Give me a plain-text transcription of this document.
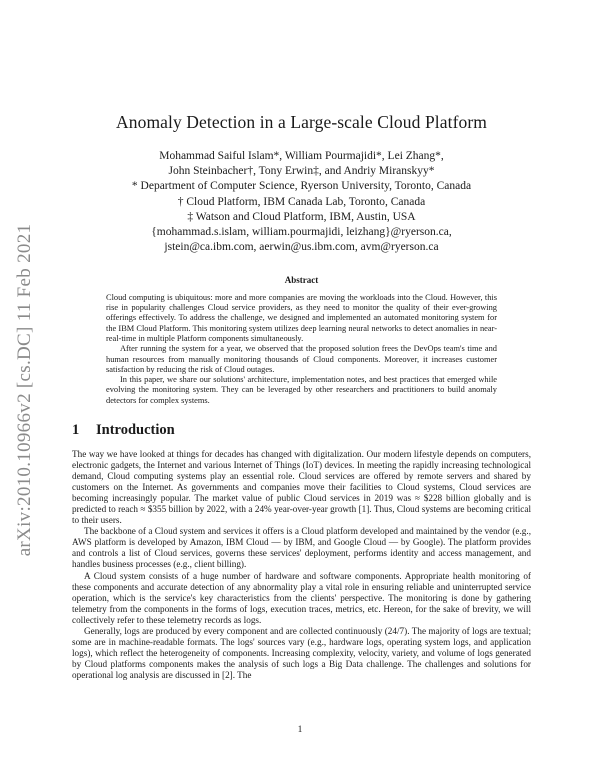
arXiv:2010.10966v2 [cs.DC] 11 Feb 2021
Anomaly Detection in a Large-scale Cloud Platform
Mohammad Saiful Islam*, William Pourmajidi*, Lei Zhang*,
John Steinbacher†, Tony Erwin‡, and Andriy Miranskyy*
* Department of Computer Science, Ryerson University, Toronto, Canada
† Cloud Platform, IBM Canada Lab, Toronto, Canada
‡ Watson and Cloud Platform, IBM, Austin, USA
{mohammad.s.islam, william.pourmajidi, leizhang}@ryerson.ca,
jstein@ca.ibm.com, aerwin@us.ibm.com, avm@ryerson.ca
Abstract

Cloud computing is ubiquitous: more and more companies are moving the workloads into the Cloud. However, this rise in popularity challenges Cloud service providers, as they need to monitor the quality of their ever-growing offerings effectively. To address the challenge, we designed and implemented an automated monitoring system for the IBM Cloud Platform. This monitoring system utilizes deep learning neural networks to detect anomalies in near-real-time in multiple Platform components simultaneously.

After running the system for a year, we observed that the proposed solution frees the DevOps team's time and human resources from manually monitoring thousands of Cloud components. Moreover, it increases customer satisfaction by reducing the risk of Cloud outages.

In this paper, we share our solutions' architecture, implementation notes, and best practices that emerged while evolving the monitoring system. They can be leveraged by other researchers and practitioners to build anomaly detectors for complex systems.

1 Introduction

The way we have looked at things for decades has changed with digitalization. Our modern lifestyle depends on computers, electronic gadgets, the Internet and various Internet of Things (IoT) devices. In meeting the rapidly increasing technological demand, Cloud computing systems play an essential role. Cloud services are offered by remote servers and shared by customers on the Internet. As governments and companies move their facilities to Cloud systems, Cloud services are becoming increasingly popular. The market value of public Cloud services in 2019 was ≈ $228 billion globally and is predicted to reach ≈ $355 billion by 2022, with a 24% year-over-year growth [1]. Thus, Cloud systems are becoming critical to their users.

The backbone of a Cloud system and services it offers is a Cloud platform developed and maintained by the vendor (e.g., AWS platform is developed by Amazon, IBM Cloud — by IBM, and Google Cloud — by Google). The platform provides and controls a list of Cloud services, governs these services' deployment, performs identity and access management, and handles business processes (e.g., client billing).

A Cloud system consists of a huge number of hardware and software components. Appropriate health monitoring of these components and accurate detection of any abnormality play a vital role in ensuring reliable and uninterrupted service operation, which is the service's key characteristics from the clients' perspective. The monitoring is done by gathering telemetry from the components in the forms of logs, execution traces, metrics, etc. Hereon, for the sake of brevity, we will collectively refer to these telemetry records as logs.

Generally, logs are produced by every component and are collected continuously (24/7). The majority of logs are textual; some are in machine-readable formats. The logs' sources vary (e.g., hardware logs, operating system logs, and application logs), which reflect the heterogeneity of components. Increasing complexity, velocity, variety, and volume of logs generated by Cloud platforms components makes the analysis of such logs a Big Data challenge. The challenges and solutions for operational log analysis are discussed in [2]. The

1
